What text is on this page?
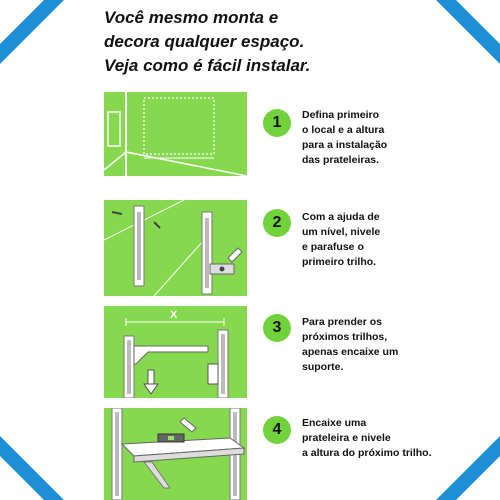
Você mesmo monta e
decora qualquer espaço.
Veja como é fácil instalar.
X
1
2
3
4
Defina primeiro
o local e a altura
para a instalação
das prateleiras.
Com a ajuda de
um nível, nivele
e parafuse o
primeiro trilho.
Para prender os
próximos trilhos,
apenas encaixe um
suporte.
Encaixe uma
prateleira e nivele
a altura do próximo trilho.
